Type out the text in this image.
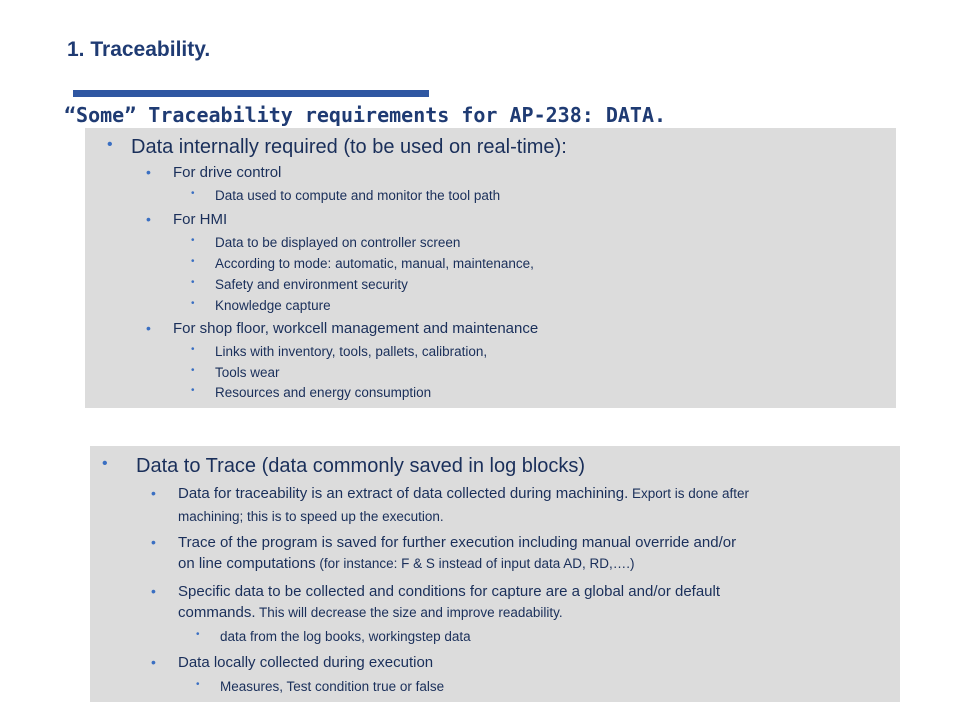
1. Traceability.
“Some” Traceability requirements for AP-238: DATA.
• Data internally required (to be used on real-time):
• For drive control
• Data used to compute and monitor the tool path
• For HMI
• Data to be displayed on controller screen
• According to mode: automatic, manual, maintenance,
• Safety and environment security
• Knowledge capture
• For shop floor, workcell management and maintenance
• Links with inventory, tools, pallets, calibration,
• Tools wear
• Resources and energy consumption
• Data to Trace (data commonly saved in log blocks)
• Data for traceability is an extract of data collected during machining. Export is done after
machining; this is to speed up the execution.
• Trace of the program is saved for further execution including manual override and/or
on line computations (for instance: F & S instead of input data AD, RD,….)
• Specific data to be collected and conditions for capture are a global and/or default
commands. This will decrease the size and improve readability.
• data from the log books, workingstep data
• Data locally collected during execution
• Measures, Test condition true or false
